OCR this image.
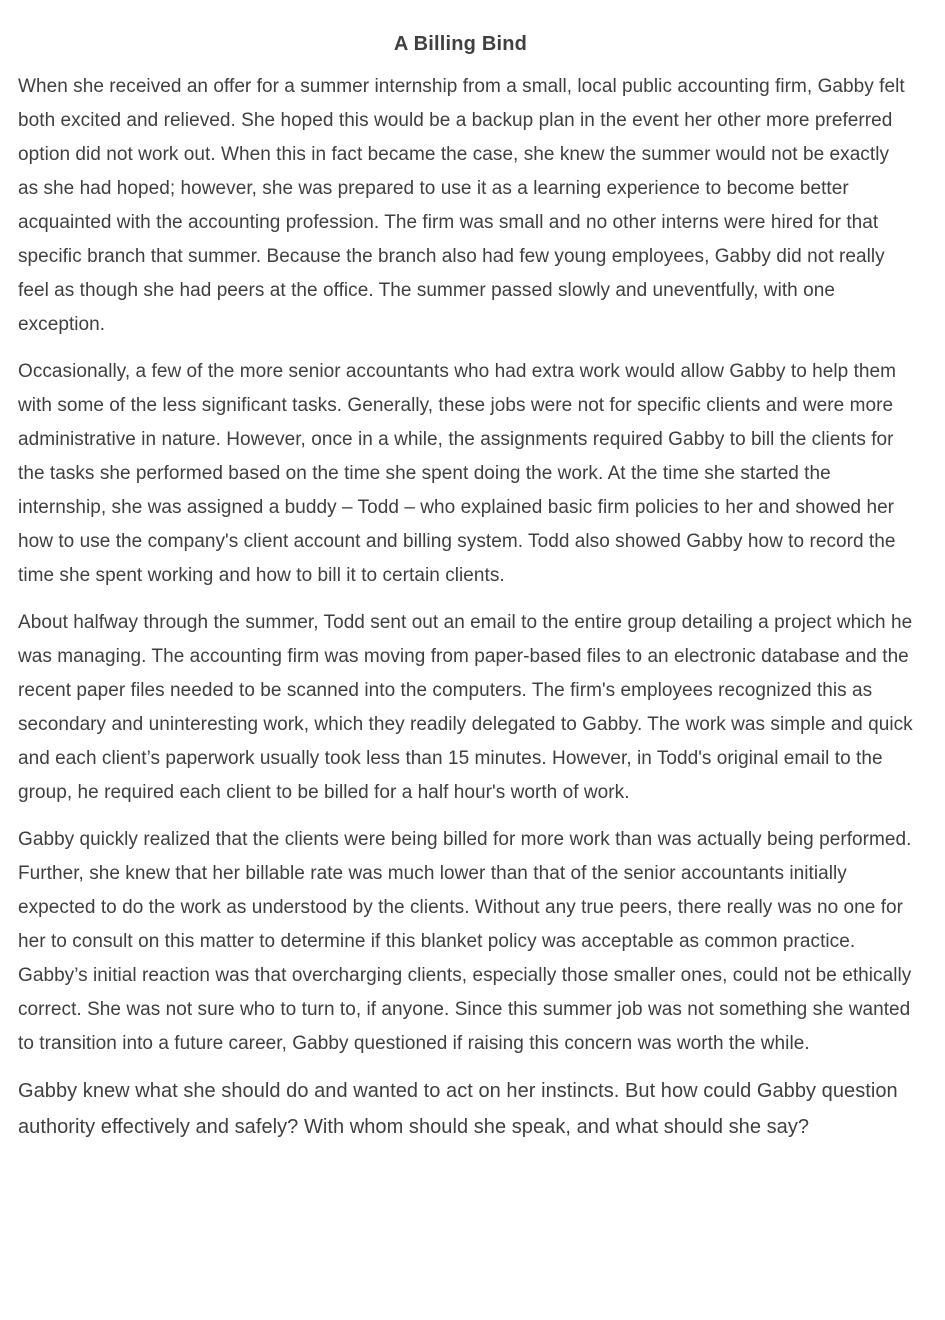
A Billing Bind

When she received an offer for a summer internship from a small, local public accounting firm, Gabby felt both excited and relieved. She hoped this would be a backup plan in the event her other more preferred option did not work out. When this in fact became the case, she knew the summer would not be exactly as she had hoped; however, she was prepared to use it as a learning experience to become better acquainted with the accounting profession. The firm was small and no other interns were hired for that specific branch that summer. Because the branch also had few young employees, Gabby did not really feel as though she had peers at the office. The summer passed slowly and uneventfully, with one exception.

Occasionally, a few of the more senior accountants who had extra work would allow Gabby to help them with some of the less significant tasks. Generally, these jobs were not for specific clients and were more administrative in nature. However, once in a while, the assignments required Gabby to bill the clients for the tasks she performed based on the time she spent doing the work. At the time she started the internship, she was assigned a buddy – Todd – who explained basic firm policies to her and showed her how to use the company's client account and billing system. Todd also showed Gabby how to record the time she spent working and how to bill it to certain clients.

About halfway through the summer, Todd sent out an email to the entire group detailing a project which he was managing. The accounting firm was moving from paper-based files to an electronic database and the recent paper files needed to be scanned into the computers. The firm's employees recognized this as secondary and uninteresting work, which they readily delegated to Gabby. The work was simple and quick and each client’s paperwork usually took less than 15 minutes. However, in Todd's original email to the group, he required each client to be billed for a half hour's worth of work.

Gabby quickly realized that the clients were being billed for more work than was actually being performed. Further, she knew that her billable rate was much lower than that of the senior accountants initially expected to do the work as understood by the clients. Without any true peers, there really was no one for her to consult on this matter to determine if this blanket policy was acceptable as common practice. Gabby’s initial reaction was that overcharging clients, especially those smaller ones, could not be ethically correct. She was not sure who to turn to, if anyone. Since this summer job was not something she wanted to transition into a future career, Gabby questioned if raising this concern was worth the while.

Gabby knew what she should do and wanted to act on her instincts. But how could Gabby question authority effectively and safely? With whom should she speak, and what should she say?
